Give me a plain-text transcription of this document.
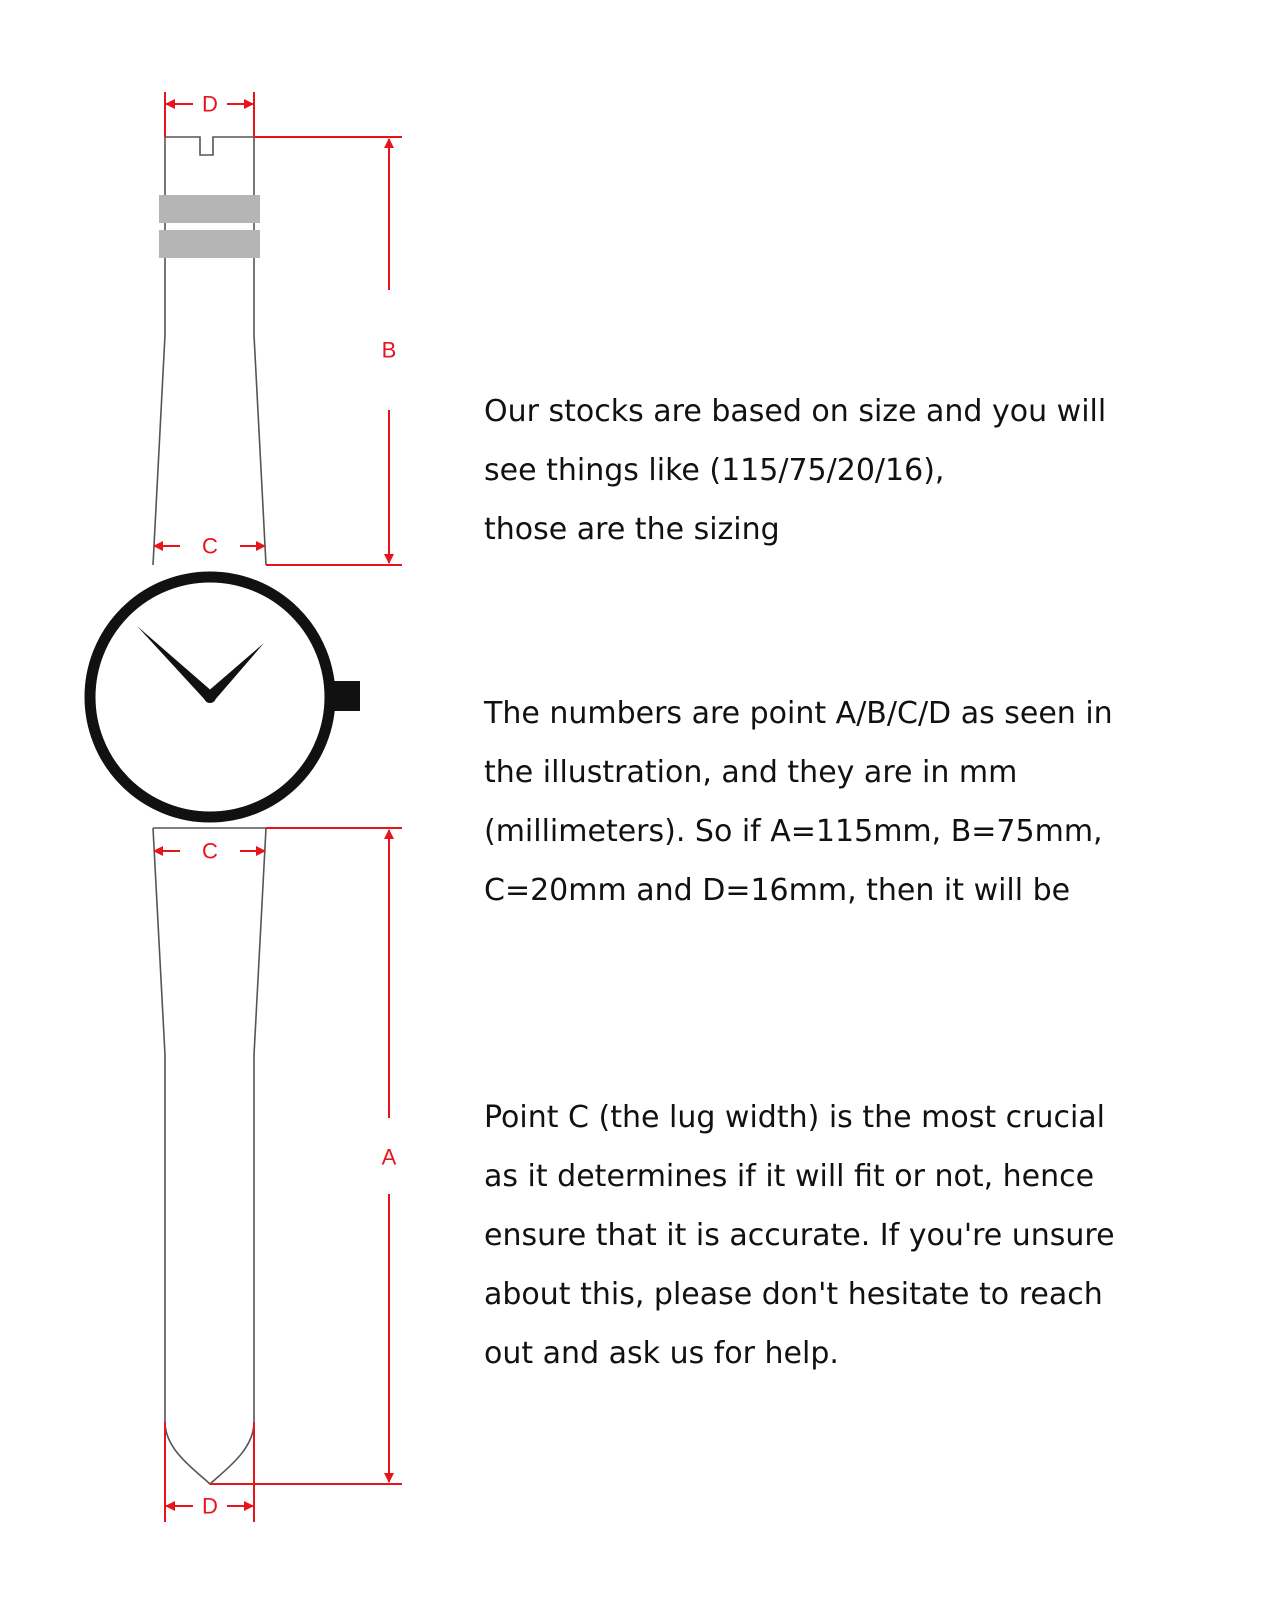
D
B
C
C
A
D

Our stocks are based on size and you will
see things like (115/75/20/16),
those are the sizing

The numbers are point A/B/C/D as seen in
the illustration, and they are in mm
(millimeters). So if A=115mm, B=75mm,
C=20mm and D=16mm, then it will be

Point C (the lug width) is the most crucial
as it determines if it will fit or not, hence
ensure that it is accurate. If you're unsure
about this, please don't hesitate to reach
out and ask us for help.
